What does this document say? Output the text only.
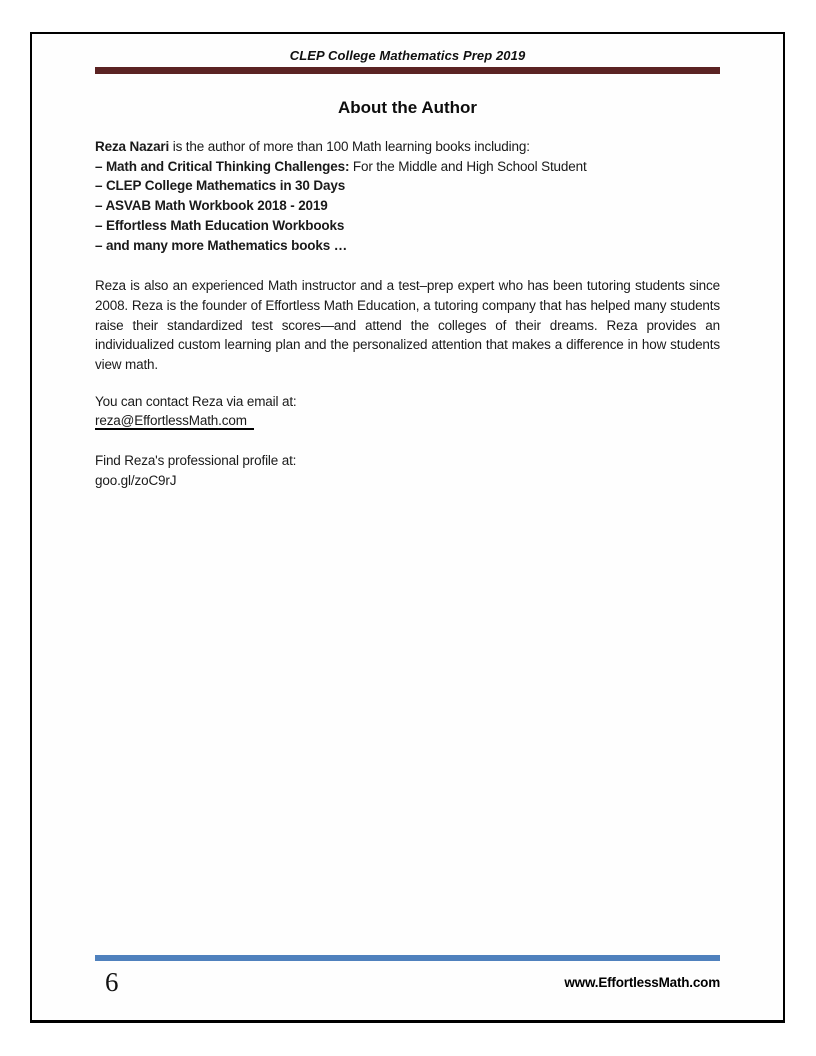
CLEP College Mathematics Prep 2019
About the Author

Reza Nazari is the author of more than 100 Math learning books including:

– Math and Critical Thinking Challenges: For the Middle and High School Student

– CLEP College Mathematics in 30 Days

– ASVAB Math Workbook 2018 - 2019

– Effortless Math Education Workbooks

– and many more Mathematics books …

Reza is also an experienced Math instructor and a test–prep expert who has been tutoring students since 2008. Reza is the founder of Effortless Math Education, a tutoring company that has helped many students raise their standardized test scores—and attend the colleges of their dreams. Reza provides an individualized custom learning plan and the personalized attention that makes a difference in how students view math.

You can contact Reza via email at:

reza@EffortlessMath.com

Find Reza's professional profile at:

goo.gl/zoC9rJ

6	www.EffortlessMath.com
